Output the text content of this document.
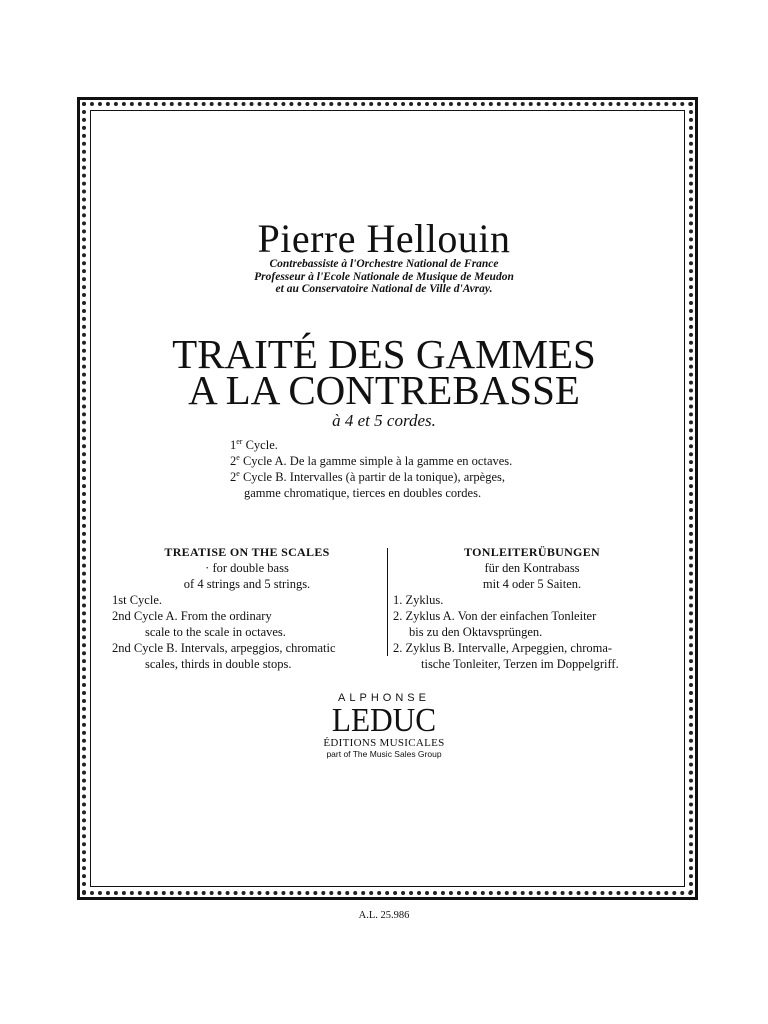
Pierre Hellouin
Contrebassiste à l'Orchestre National de France
Professeur à l'Ecole Nationale de Musique de Meudon
et au Conservatoire National de Ville d'Avray.
TRAITÉ DES GAMMES
A LA CONTREBASSE
à 4 et 5 cordes.
1er Cycle.
2e Cycle A. De la gamme simple à la gamme en octaves.
2e Cycle B. Intervalles (à partir de la tonique), arpèges,
gamme chromatique, tierces en doubles cordes.
TREATISE ON THE SCALES
· for double bass
of 4 strings and 5 strings.
1st Cycle.
2nd Cycle A. From the ordinary
scale to the scale in octaves.
2nd Cycle B. Intervals, arpeggios, chromatic
scales, thirds in double stops.
TONLEITERÜBUNGEN
für den Kontrabass
mit 4 oder 5 Saiten.
1. Zyklus.
2. Zyklus A. Von der einfachen Tonleiter
bis zu den Oktavsprüngen.
2. Zyklus B. Intervalle, Arpeggien, chroma-
tische Tonleiter, Terzen im Doppelgriff.
ALPHONSE
LEDUC
ÉDITIONS MUSICALES
part of The Music Sales Group
A.L. 25.986
